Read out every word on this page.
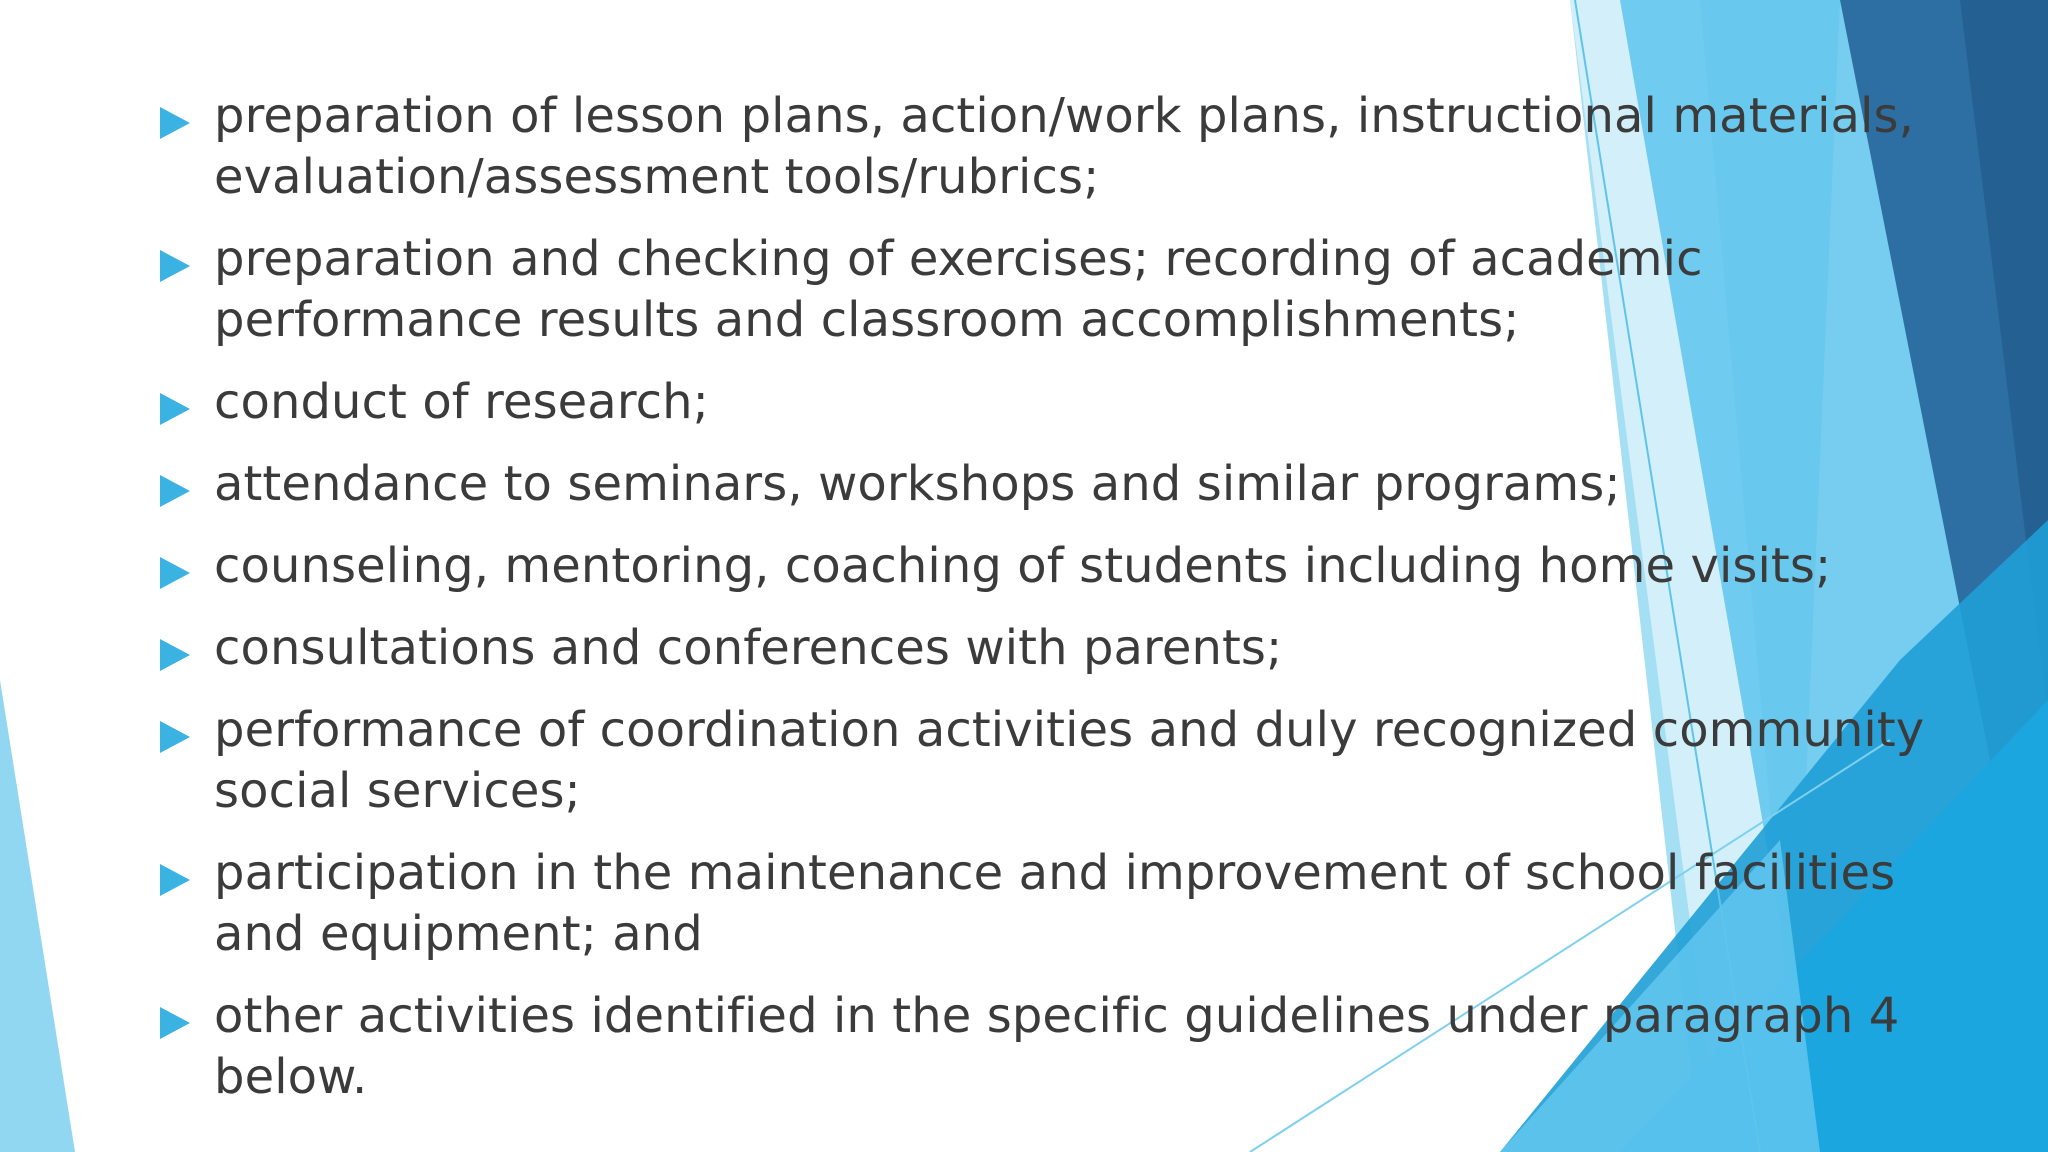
preparation of lesson plans, action/work plans, instructional materials, evaluation/assessment tools/rubrics;
preparation and checking of exercises; recording of academic performance results and classroom accomplishments;
conduct of research;
attendance to seminars, workshops and similar programs;
counseling, mentoring, coaching of students including home visits;
consultations and conferences with parents;
performance of coordination activities and duly recognized community social services;
participation in the maintenance and improvement of school facilities and equipment; and
other activities identified in the specific guidelines under paragraph 4 below.
